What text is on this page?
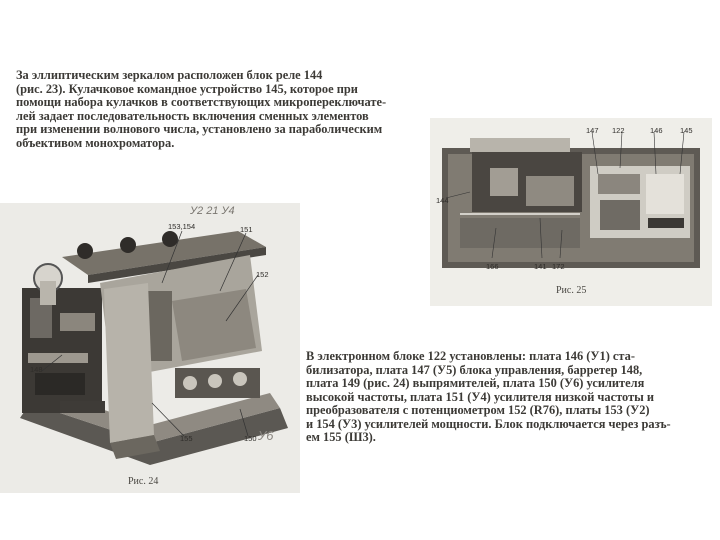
За эллиптическим зеркалом расположен блок реле 144
(рис. 23). Кулачковое командное устройство 145, которое при
помощи набора кулачков в соответствующих микропереключате-
лей задает последовательность включения сменных элементов
при изменении волнового числа, установлено за параболическим
объективом монохроматора.

У2 21 У4
153,154	151
152
148
155	150 У6
Рис. 24
147 122	146 145
144
166	141 172
Рис. 25

В электронном блоке 122 установлены: плата 146 (У1) ста-
билизатора, плата 147 (У5) блока управления, барретер 148,
плата 149 (рис. 24) выпрямителей, плата 150 (У6) усилителя
высокой частоты, плата 151 (У4) усилителя низкой частоты и
преобразователя с потенциометром 152 (R76), платы 153 (У2)
и 154 (У3) усилителей мощности. Блок подключается через разъ-
ем 155 (Ш3).
